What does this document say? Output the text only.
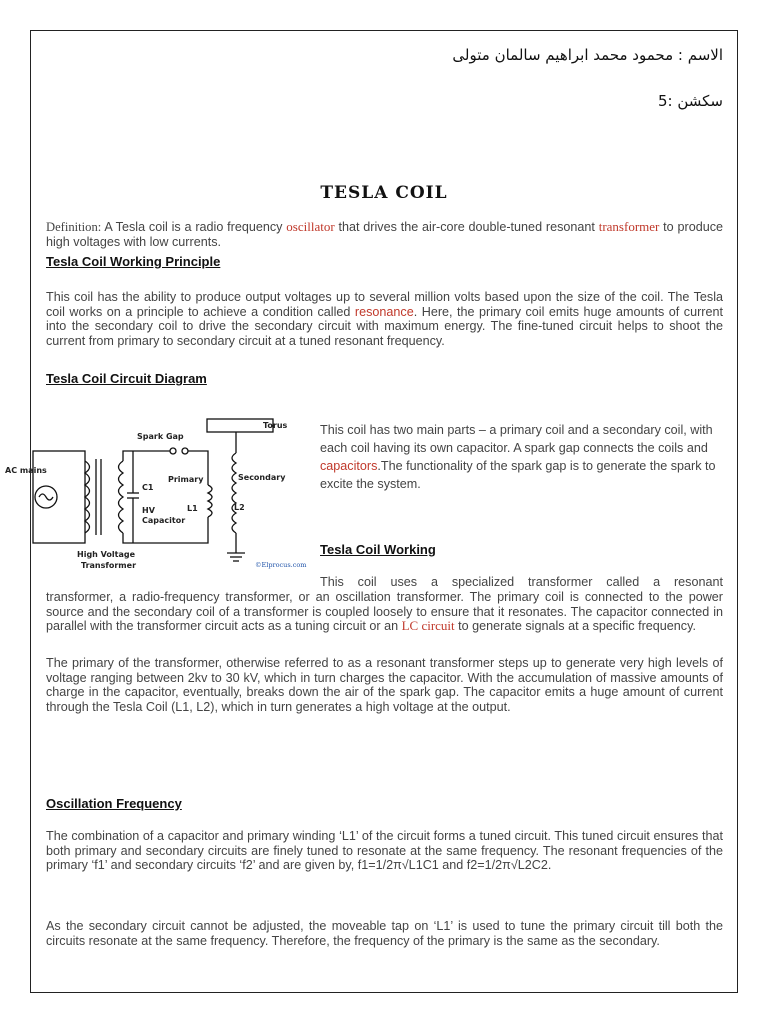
الاسم : محمود محمد ابراهيم سالمان متولى
سكشن :5
TESLA COIL
Definition: A Tesla coil is a radio frequency oscillator that drives the air-core double-tuned resonant transformer to produce high voltages with low currents.
Tesla Coil Working Principle
This coil has the ability to produce output voltages up to several million volts based upon the size of the coil. The Tesla coil works on a principle to achieve a condition called resonance. Here, the primary coil emits huge amounts of current into the secondary coil to drive the secondary circuit with maximum energy. The fine-tuned circuit helps to shoot the current from primary to secondary circuit at a tuned resonant frequency.
Tesla Coil Circuit Diagram
AC mains
Spark Gap
Torus
C1
Primary
L1
Secondary
L2
HV
Capacitor
High Voltage
Transformer	©Elprocus.com
This coil has two main parts – a primary coil and a secondary coil, with each coil having its own capacitor. A spark gap connects the coils and capacitors.The functionality of the spark gap is to generate the spark to excite the system.
Tesla Coil Working
This coil uses a specialized transformer called a resonant
transformer, a radio-frequency transformer, or an oscillation transformer. The primary coil is connected to the power source and the secondary coil of a transformer is coupled loosely to ensure that it resonates. The capacitor connected in parallel with the transformer circuit acts as a tuning circuit or an LC circuit to generate signals at a specific frequency.
The primary of the transformer, otherwise referred to as a resonant transformer steps up to generate very high levels of voltage ranging between 2kv to 30 kV, which in turn charges the capacitor. With the accumulation of massive amounts of charge in the capacitor, eventually, breaks down the air of the spark gap. The capacitor emits a huge amount of current through the Tesla Coil (L1, L2), which in turn generates a high voltage at the output.
Oscillation Frequency
The combination of a capacitor and primary winding ‘L1’ of the circuit forms a tuned circuit. This tuned circuit ensures that both primary and secondary circuits are finely tuned to resonate at the same frequency. The resonant frequencies of the primary ‘f1’ and secondary circuits ‘f2’ and are given by, f1=1/2π√L1C1 and f2=1/2π√L2C2.
As the secondary circuit cannot be adjusted, the moveable tap on ‘L1’ is used to tune the primary circuit till both the circuits resonate at the same frequency. Therefore, the frequency of the primary is the same as the secondary.
